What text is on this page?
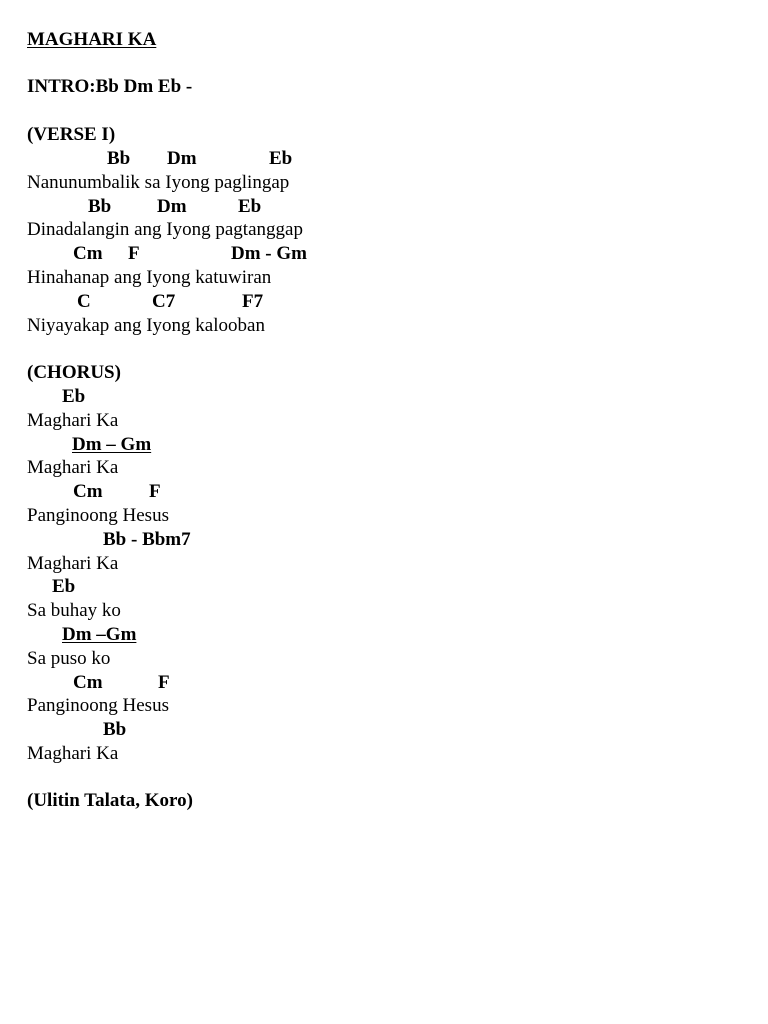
MAGHARI KA
INTRO:Bb Dm Eb -
(VERSE I)
Bb Dm	Eb
Nanunumbalik sa Iyong paglingap
Bb Dm	Eb
Dinadalangin ang Iyong pagtanggap
Cm F	Dm - Gm
Hinahanap ang Iyong katuwiran
C	C7	F7
Niyayakap ang Iyong kalooban
(CHORUS)
Eb
Maghari Ka
Dm – Gm
Maghari Ka
Cm F
Panginoong Hesus
Bb - Bbm7
Maghari Ka
Eb
Sa buhay ko
Dm –Gm
Sa puso ko
Cm	F
Panginoong Hesus
Bb
Maghari Ka
(Ulitin Talata, Koro)
